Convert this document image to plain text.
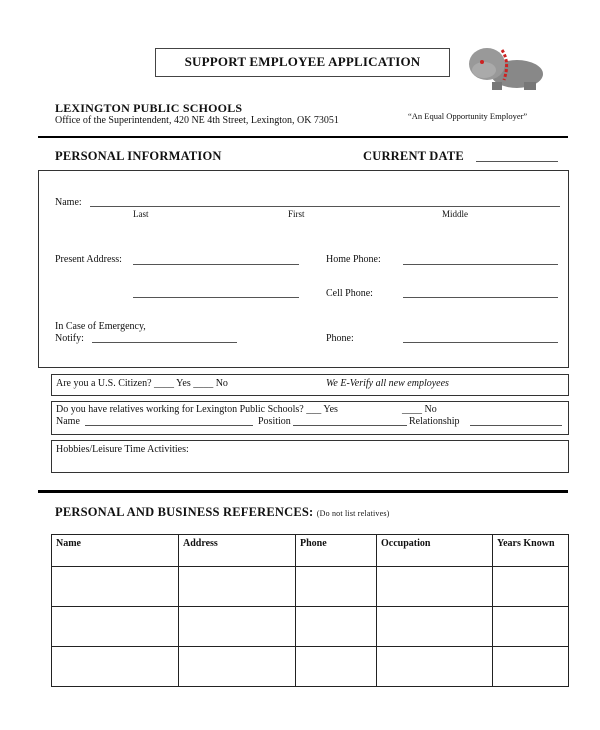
SUPPORT EMPLOYEE APPLICATION
LEXINGTON PUBLIC SCHOOLS
Office of the Superintendent, 420 NE 4th Street, Lexington, OK 73051	“An Equal Opportunity Employer”
PERSONAL INFORMATION	CURRENT DATE
Name:
Last	First	Middle
Present Address:	Home Phone:
Cell Phone:
In Case of Emergency,
Notify:	Phone:
Are you a U.S. Citizen? ____ Yes ____ No	We E-Verify all new employees
Do you have relatives working for Lexington Public Schools? ___ Yes	____ No
Name	Position	Relationship
Hobbies/Leisure Time Activities:
PERSONAL AND BUSINESS REFERENCES: (Do not list relatives)
Name	Address	Phone	Occupation	Years Known
